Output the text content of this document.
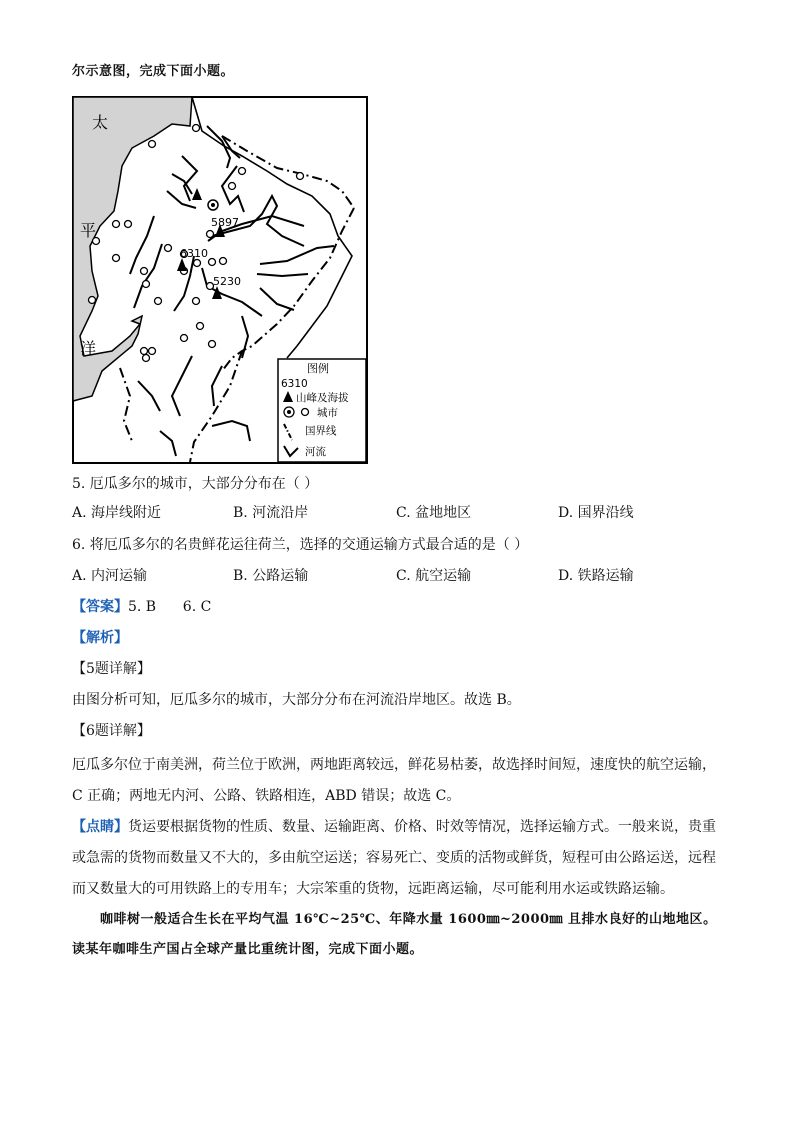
尔示意图，完成下面小题。
5897
6310
5230
太
平
洋
图例
6310
山峰及海拔
城市
国界线
河流
5. 厄瓜多尔的城市，大部分分布在（ ）
A. 海岸线附近	B. 河流沿岸	C. 盆地地区	D. 国界沿线
6. 将厄瓜多尔的名贵鲜花运往荷兰，选择的交通运输方式最合适的是（ ）
A. 内河运输	B. 公路运输	C. 航空运输	D. 铁路运输
【答案】5. B      6. C
【解析】
【5题详解】
由图分析可知，厄瓜多尔的城市，大部分分布在河流沿岸地区。故选 B。
【6题详解】
厄瓜多尔位于南美洲，荷兰位于欧洲，两地距离较远，鲜花易枯萎，故选择时间短，速度快的航空运输，C 正确；两地无内河、公路、铁路相连，ABD 错误；故选 C。
【点睛】货运要根据货物的性质、数量、运输距离、价格、时效等情况，选择运输方式。一般来说，贵重或急需的货物而数量又不大的，多由航空运送；容易死亡、变质的活物或鲜货，短程可由公路运送，远程而又数量大的可用铁路上的专用车；大宗笨重的货物，远距离运输，尽可能利用水运或铁路运输。
咖啡树一般适合生长在平均气温 16℃~25℃、年降水量 1600㎜~2000㎜ 且排水良好的山地地区。读某年咖啡生产国占全球产量比重统计图，完成下面小题。
